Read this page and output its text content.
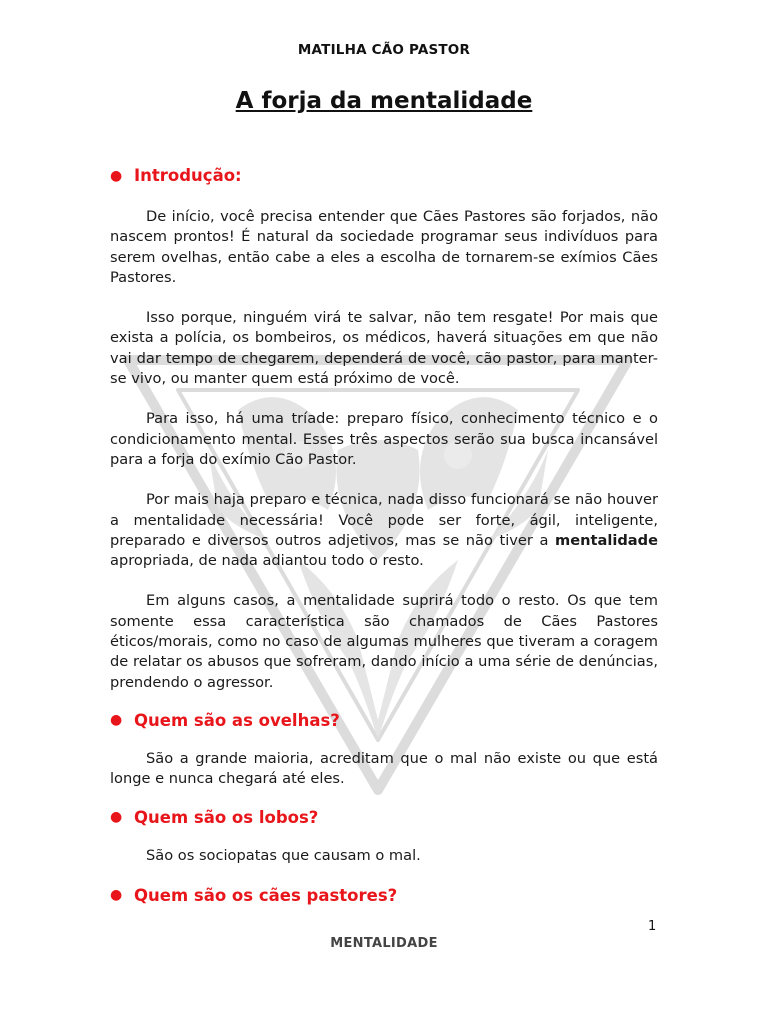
MATILHA CÃO PASTOR
A forja da mentalidade
● Introdução:

De início, você precisa entender que Cães Pastores são forjados, não nascem prontos! É natural da sociedade programar seus indivíduos para serem ovelhas, então cabe a eles a escolha de tornarem-se exímios Cães Pastores.

Isso porque, ninguém virá te salvar, não tem resgate! Por mais que exista a polícia, os bombeiros, os médicos, haverá situações em que não vai dar tempo de chegarem, dependerá de você, cão pastor, para manter-se vivo, ou manter quem está próximo de você.

Para isso, há uma tríade: preparo físico, conhecimento técnico e o condicionamento mental. Esses três aspectos serão sua busca incansável para a forja do exímio Cão Pastor.

Por mais haja preparo e técnica, nada disso funcionará se não houver a mentalidade necessária! Você pode ser forte, ágil, inteligente, preparado e diversos outros adjetivos, mas se não tiver a mentalidade apropriada, de nada adiantou todo o resto.

Em alguns casos, a mentalidade suprirá todo o resto. Os que tem somente essa característica são chamados de Cães Pastores éticos/morais, como no caso de algumas mulheres que tiveram a coragem de relatar os abusos que sofreram, dando início a uma série de denúncias, prendendo o agressor.

● Quem são as ovelhas?

São a grande maioria, acreditam que o mal não existe ou que está longe e nunca chegará até eles.

● Quem são os lobos?

São os sociopatas que causam o mal.

● Quem são os cães pastores?
1
MENTALIDADE
